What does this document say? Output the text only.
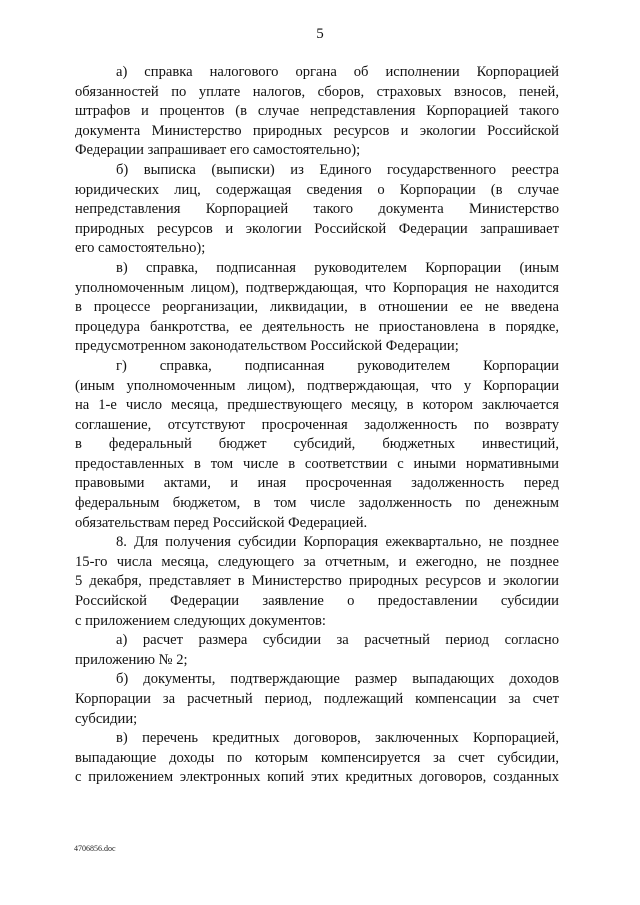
5
а) справка налогового органа об исполнении Корпорацией
обязанностей по уплате налогов, сборов, страховых взносов, пеней,
штрафов и процентов (в случае непредставления Корпорацией такого
документа Министерство природных ресурсов и экологии Российской
Федерации запрашивает его самостоятельно);
б) выписка (выписки) из Единого государственного реестра
юридических лиц, содержащая сведения о Корпорации (в случае
непредставления Корпорацией такого документа Министерство
природных ресурсов и экологии Российской Федерации запрашивает
его самостоятельно);
в) справка, подписанная руководителем Корпорации (иным
уполномоченным лицом), подтверждающая, что Корпорация не находится
в процессе реорганизации, ликвидации, в отношении ее не введена
процедура банкротства, ее деятельность не приостановлена в порядке,
предусмотренном законодательством Российской Федерации;
г) справка, подписанная руководителем Корпорации
(иным уполномоченным лицом), подтверждающая, что у Корпорации
на 1-е число месяца, предшествующего месяцу, в котором заключается
соглашение, отсутствуют просроченная задолженность по возврату
в федеральный бюджет субсидий, бюджетных инвестиций,
предоставленных в том числе в соответствии с иными нормативными
правовыми актами, и иная просроченная задолженность перед
федеральным бюджетом, в том числе задолженность по денежным
обязательствам перед Российской Федерацией.
8. Для получения субсидии Корпорация ежеквартально, не позднее
15-го числа месяца, следующего за отчетным, и ежегодно, не позднее
5 декабря, представляет в Министерство природных ресурсов и экологии
Российской Федерации заявление о предоставлении субсидии
с приложением следующих документов:
а) расчет размера субсидии за расчетный период согласно
приложению № 2;
б) документы, подтверждающие размер выпадающих доходов
Корпорации за расчетный период, подлежащий компенсации за счет
субсидии;
в) перечень кредитных договоров, заключенных Корпорацией,
выпадающие доходы по которым компенсируется за счет субсидии,
с приложением электронных копий этих кредитных договоров, созданных
4706856.doc
